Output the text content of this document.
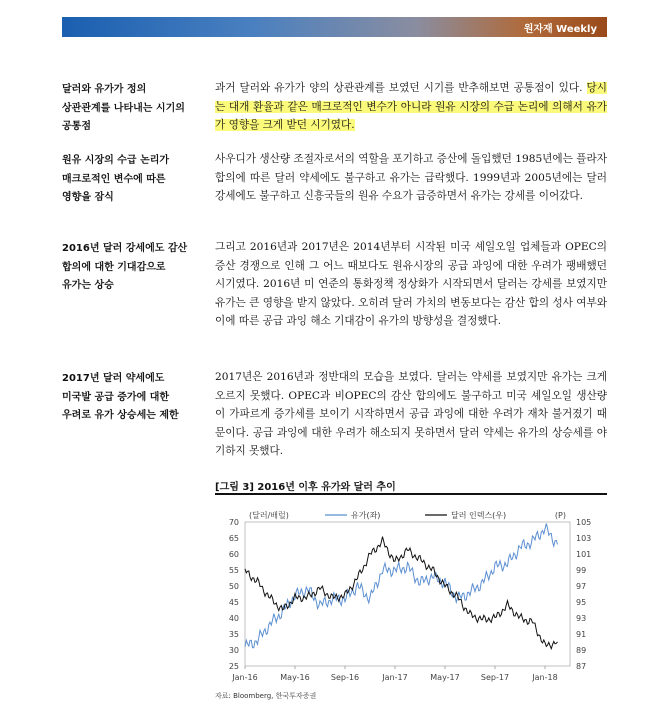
원자재 Weekly
달러와 유가가 정의
상관관계를 나타내는 시기의
공통점
과거 달러와 유가가 양의 상관관계를 보였던 시기를 반추해보면 공통점이 있다. 당시는 대개 환율과 같은 매크로적인 변수가 아니라 원유 시장의 수급 논리에 의해서 유가가 영향을 크게 받던 시기였다.
원유 시장의 수급 논리가
매크로적인 변수에 따른
영향을 잠식
사우디가 생산량 조절자로서의 역할을 포기하고 증산에 돌입했던 1985년에는 플라자 합의에 따른 달러 약세에도 불구하고 유가는 급락했다. 1999년과 2005년에는 달러 강세에도 불구하고 신흥국들의 원유 수요가 급증하면서 유가는 강세를 이어갔다.
2016년 달러 강세에도 감산
합의에 대한 기대감으로
유가는 상승
그리고 2016년과 2017년은 2014년부터 시작된 미국 셰일오일 업체들과 OPEC의 증산 경쟁으로 인해 그 어느 때보다도 원유시장의 공급 과잉에 대한 우려가 팽배했던 시기였다. 2016년 미 연준의 통화정책 정상화가 시작되면서 달러는 강세를 보였지만 유가는 큰 영향을 받지 않았다. 오히려 달러 가치의 변동보다는 감산 합의 성사 여부와 이에 따른 공급 과잉 해소 기대감이 유가의 방향성을 결정했다.
2017년 달러 약세에도
미국발 공급 증가에 대한
우려로 유가 상승세는 제한
2017년은 2016년과 정반대의 모습을 보였다. 달러는 약세를 보였지만 유가는 크게 오르지 못했다. OPEC과 비OPEC의 감산 합의에도 불구하고 미국 셰일오일 생산량이 가파르게 증가세를 보이기 시작하면서 공급 과잉에 대한 우려가 재차 불거졌기 때문이다. 공급 과잉에 대한 우려가 해소되지 못하면서 달러 약세는 유가의 상승세를 야기하지 못했다.
[그림 3] 2016년 이후 유가와 달러 추이
70
65
60
55
50
45
40
35
30
25
105
103
101
99
97
95
93
91
89
87
Jan-16	May-16	Sep-16	Jan-17	May-17	Sep-17	Jan-18
(달러/배럴)	(P)
유가(좌)	달러 인덱스(우)
자료: Bloomberg, 한국투자증권
